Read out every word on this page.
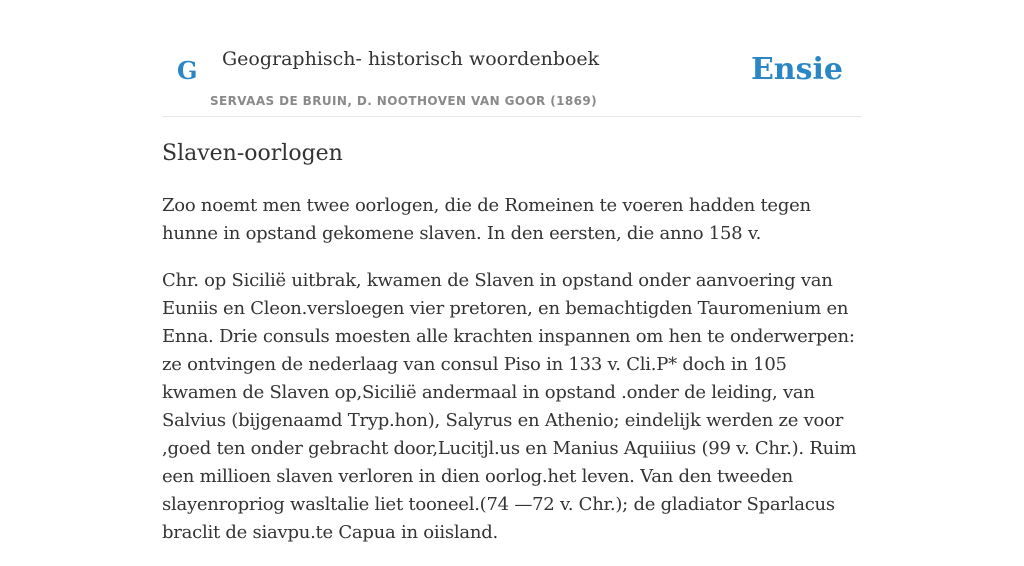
G Geographisch- historisch woordenboek
SERVAAS DE BRUIN, D. NOOTHOVEN VAN GOOR (1869)
Ensie
Slaven-oorlogen

Zoo noemt men twee oorlogen, die de Romeinen te voeren hadden tegen hunne in opstand gekomene slaven. In den eersten, die anno 158 v.

Chr. op Sicilië uitbrak, kwamen de Slaven in opstand onder aanvoering van Euniis en Cleon.versloegen vier pretoren, en bemachtigden Tauromenium en Enna. Drie consuls moesten alle krachten inspannen om hen te onderwerpen: ze ontvingen de nederlaag van consul Piso in 133 v. Cli.P* doch in 105 kwamen de Slaven op,Sicilië andermaal in opstand .onder de leiding, van Salvius (bijgenaamd Tryp.hon), Salyrus en Athenio; eindelijk werden ze voor ,goed ten onder gebracht door,Lucitjl.us en Manius Aquiiius (99 v. Chr.). Ruim een millioen slaven verloren in dien oorlog.het leven. Van den tweeden slayenropriog wasltalie liet tooneel.(74 —72 v. Chr.); de gladiator Sparlacus braclit de siavpu.te Capua in oiisland.
